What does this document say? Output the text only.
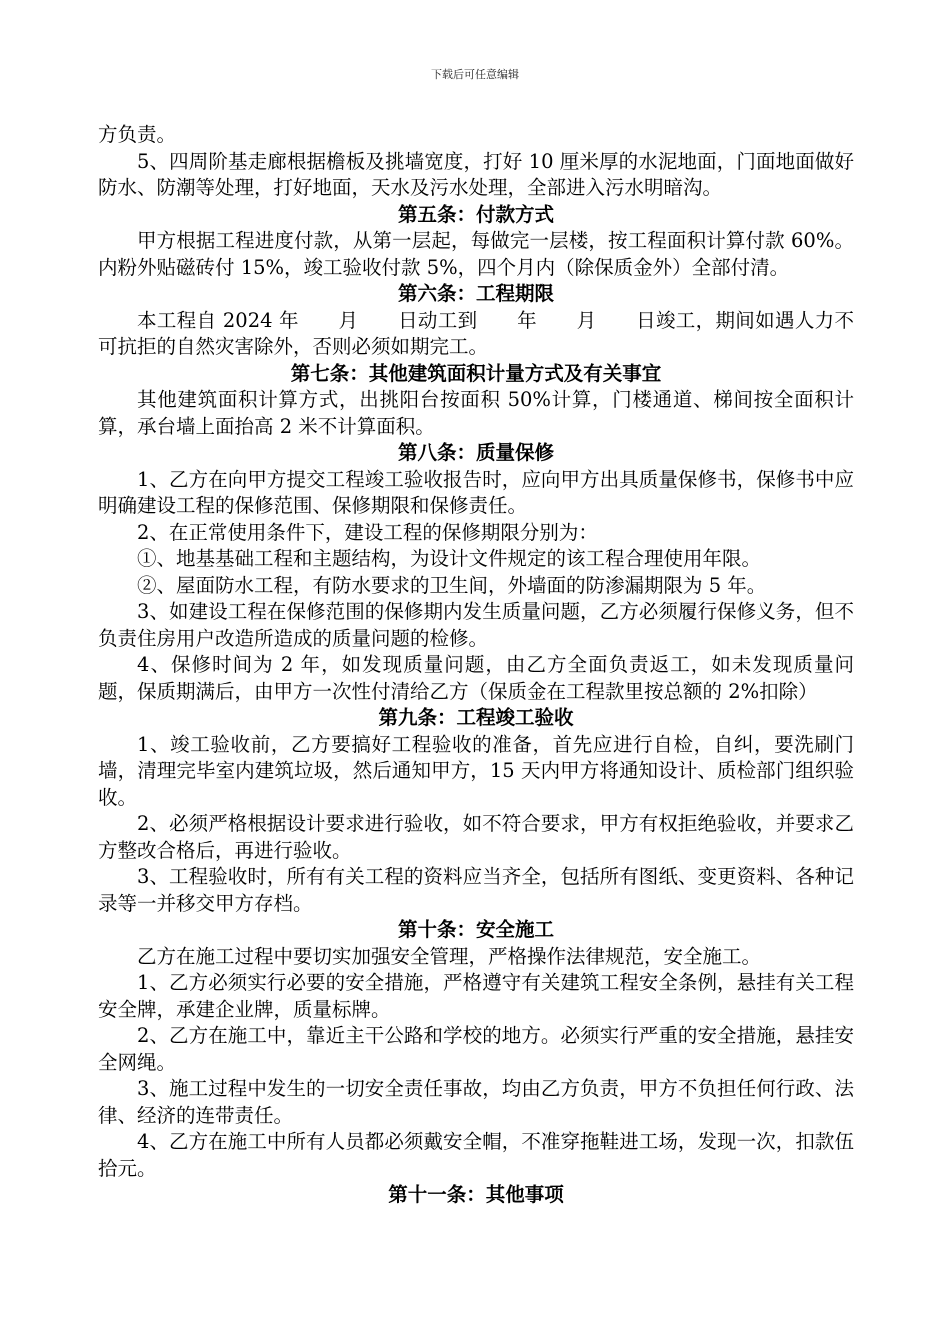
下载后可任意编辑

方负责。

5、四周阶基走廊根据檐板及挑墙宽度，打好 10 厘米厚的水泥地面，门面地面做好防水、防潮等处理，打好地面，天水及污水处理，全部进入污水明暗沟。

第五条：付款方式

甲方根据工程进度付款，从第一层起，每做完一层楼，按工程面积计算付款 60%。内粉外贴磁砖付 15%，竣工验收付款 5%，四个月内（除保质金外）全部付清。

第六条：工程期限

本工程自 2024 年　　月　　日动工到　　年　　月　　日竣工，期间如遇人力不可抗拒的自然灾害除外，否则必须如期完工。

第七条：其他建筑面积计量方式及有关事宜

其他建筑面积计算方式，出挑阳台按面积 50%计算，门楼通道、梯间按全面积计算，承台墙上面抬高 2 米不计算面积。

第八条：质量保修

1、乙方在向甲方提交工程竣工验收报告时，应向甲方出具质量保修书，保修书中应明确建设工程的保修范围、保修期限和保修责任。

2、在正常使用条件下，建设工程的保修期限分别为：

①、地基基础工程和主题结构，为设计文件规定的该工程合理使用年限。

②、屋面防水工程，有防水要求的卫生间，外墙面的防渗漏期限为 5 年。

3、如建设工程在保修范围的保修期内发生质量问题，乙方必须履行保修义务，但不负责住房用户改造所造成的质量问题的检修。

4、保修时间为 2 年，如发现质量问题，由乙方全面负责返工，如未发现质量问题，保质期满后，由甲方一次性付清给乙方（保质金在工程款里按总额的 2%扣除）

第九条：工程竣工验收

1、竣工验收前，乙方要搞好工程验收的准备，首先应进行自检，自纠，要洗刷门墙，清理完毕室内建筑垃圾，然后通知甲方，15 天内甲方将通知设计、质检部门组织验收。

2、必须严格根据设计要求进行验收，如不符合要求，甲方有权拒绝验收，并要求乙方整改合格后，再进行验收。

3、工程验收时，所有有关工程的资料应当齐全，包括所有图纸、变更资料、各种记录等一并移交甲方存档。

第十条：安全施工

乙方在施工过程中要切实加强安全管理，严格操作法律规范，安全施工。

1、乙方必须实行必要的安全措施，严格遵守有关建筑工程安全条例，悬挂有关工程安全牌，承建企业牌，质量标牌。

2、乙方在施工中，靠近主干公路和学校的地方。必须实行严重的安全措施，悬挂安全网绳。

3、施工过程中发生的一切安全责任事故，均由乙方负责，甲方不负担任何行政、法律、经济的连带责任。

4、乙方在施工中所有人员都必须戴安全帽，不准穿拖鞋进工场，发现一次，扣款伍拾元。

第十一条：其他事项
